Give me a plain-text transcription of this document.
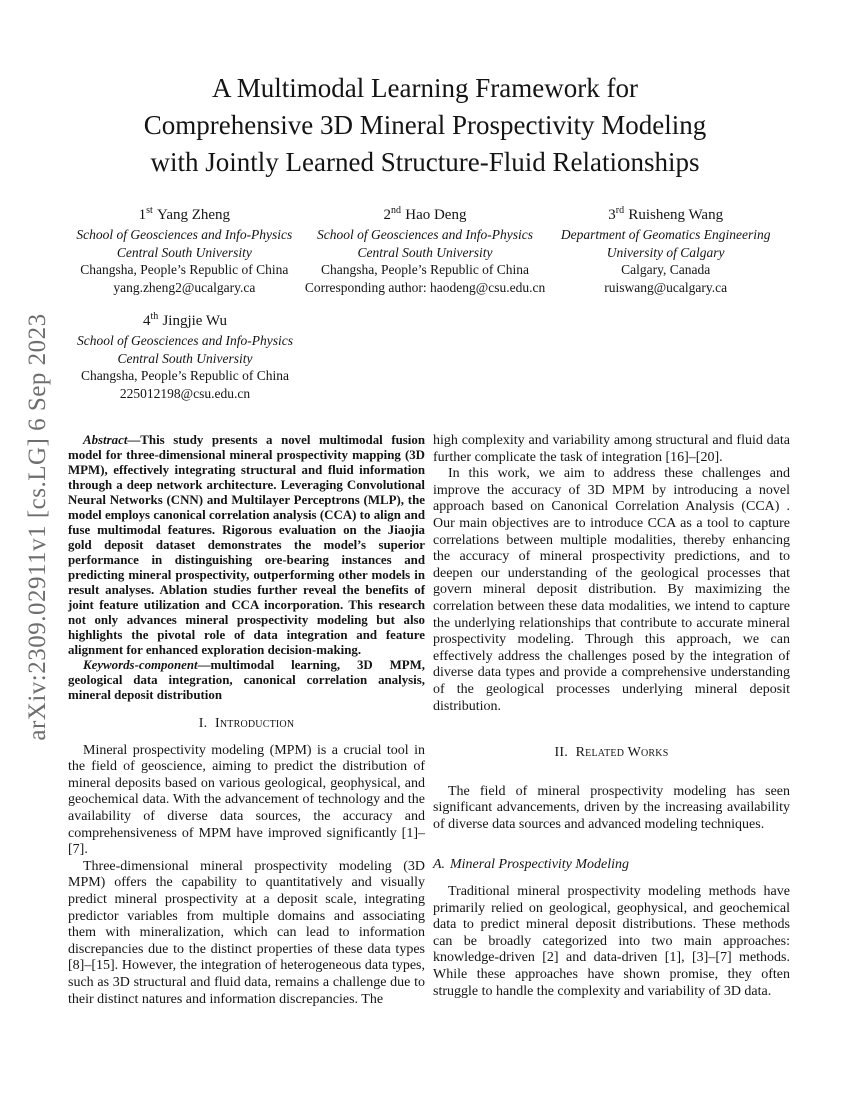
arXiv:2309.02911v1 [cs.LG] 6 Sep 2023
A Multimodal Learning Framework for
Comprehensive 3D Mineral Prospectivity Modeling
with Jointly Learned Structure-Fluid Relationships
1st Yang Zheng
School of Geosciences and Info-Physics
Central South University
Changsha, People’s Republic of China
yang.zheng2@ucalgary.ca
2nd Hao Deng
School of Geosciences and Info-Physics
Central South University
Changsha, People’s Republic of China
Corresponding author: haodeng@csu.edu.cn
3rd Ruisheng Wang
Department of Geomatics Engineering
University of Calgary
Calgary, Canada
ruiswang@ucalgary.ca
4th Jingjie Wu
School of Geosciences and Info-Physics
Central South University
Changsha, People’s Republic of China
225012198@csu.edu.cn

Abstract—This study presents a novel multimodal fusion model for three-dimensional mineral prospectivity mapping (3D MPM), effectively integrating structural and fluid information through a deep network architecture. Leveraging Convolutional Neural Networks (CNN) and Multilayer Perceptrons (MLP), the model employs canonical correlation analysis (CCA) to align and fuse multimodal features. Rigorous evaluation on the Jiaojia gold deposit dataset demonstrates the model’s superior performance in distinguishing ore-bearing instances and predicting mineral prospectivity, outperforming other models in result analyses. Ablation studies further reveal the benefits of joint feature utilization and CCA incorporation. This research not only advances mineral prospectivity modeling but also highlights the pivotal role of data integration and feature alignment for enhanced exploration decision-making.

Keywords-component—multimodal learning, 3D MPM, geological data integration, canonical correlation analysis, mineral deposit distribution

I. Introduction

Mineral prospectivity modeling (MPM) is a crucial tool in the field of geoscience, aiming to predict the distribution of mineral deposits based on various geological, geophysical, and geochemical data. With the advancement of technology and the availability of diverse data sources, the accuracy and comprehensiveness of MPM have improved significantly [1]–[7].

Three-dimensional mineral prospectivity modeling (3D MPM) offers the capability to quantitatively and visually predict mineral prospectivity at a deposit scale, integrating predictor variables from multiple domains and associating them with mineralization, which can lead to information discrepancies due to the distinct properties of these data types [8]–[15]. However, the integration of heterogeneous data types, such as 3D structural and fluid data, remains a challenge due to their distinct natures and information discrepancies. The

high complexity and variability among structural and fluid data further complicate the task of integration [16]–[20].

In this work, we aim to address these challenges and improve the accuracy of 3D MPM by introducing a novel approach based on Canonical Correlation Analysis (CCA) . Our main objectives are to introduce CCA as a tool to capture correlations between multiple modalities, thereby enhancing the accuracy of mineral prospectivity predictions, and to deepen our understanding of the geological processes that govern mineral deposit distribution. By maximizing the correlation between these data modalities, we intend to capture the underlying relationships that contribute to accurate mineral prospectivity modeling. Through this approach, we can effectively address the challenges posed by the integration of diverse data types and provide a comprehensive understanding of the geological processes underlying mineral deposit distribution.

II. Related Works

The field of mineral prospectivity modeling has seen significant advancements, driven by the increasing availability of diverse data sources and advanced modeling techniques.

A. Mineral Prospectivity Modeling

Traditional mineral prospectivity modeling methods have primarily relied on geological, geophysical, and geochemical data to predict mineral deposit distributions. These methods can be broadly categorized into two main approaches: knowledge-driven [2] and data-driven [1], [3]–[7] methods. While these approaches have shown promise, they often struggle to handle the complexity and variability of 3D data.
